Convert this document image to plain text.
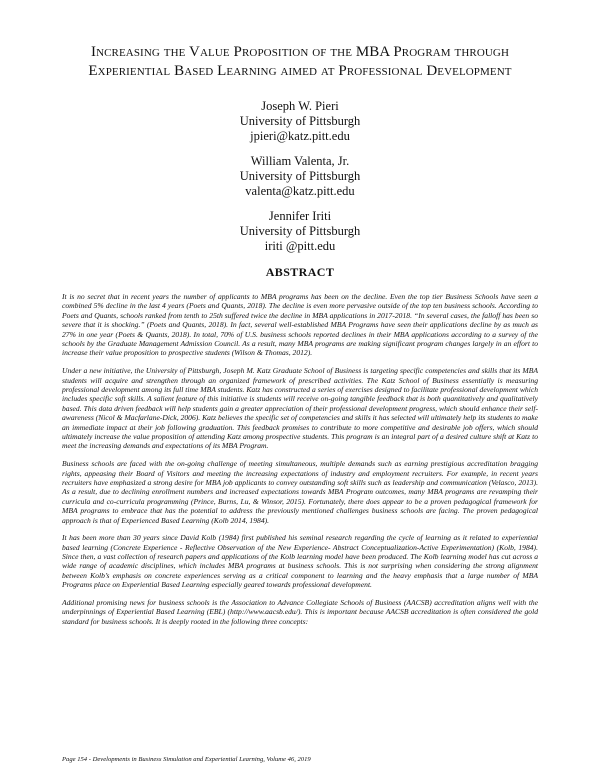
Increasing the Value Proposition of the MBA Program through
Experiential Based Learning aimed at Professional Development
Joseph W. Pieri
University of Pittsburgh
jpieri@katz.pitt.edu
William Valenta, Jr.
University of Pittsburgh
valenta@katz.pitt.edu
Jennifer Iriti
University of Pittsburgh
iriti @pitt.edu
ABSTRACT

It is no secret that in recent years the number of applicants to MBA programs has been on the decline. Even the top tier Business Schools have seen a combined 5% decline in the last 4 years (Poets and Quants, 2018). The decline is even more pervasive outside of the top ten business schools. According to Poets and Quants, schools ranked from tenth to 25th suffered twice the decline in MBA applications in 2017-2018. “In several cases, the falloff has been so severe that it is shocking.” (Poets and Quants, 2018). In fact, several well-established MBA Programs have seen their applications decline by as much as 27% in one year (Poets & Quants, 2018). In total, 70% of U.S. business schools reported declines in their MBA applications according to a survey of the schools by the Graduate Management Admission Council. As a result, many MBA programs are making significant program changes largely in an effort to increase their value proposition to prospective students (Wilson & Thomas, 2012).

Under a new initiative, the University of Pittsburgh, Joseph M. Katz Graduate School of Business is targeting specific competencies and skills that its MBA students will acquire and strengthen through an organized framework of prescribed activities. The Katz School of Business essentially is measuring professional development among its full time MBA students. Katz has constructed a series of exercises designed to facilitate professional development which includes specific soft skills. A salient feature of this initiative is students will receive on-going tangible feedback that is both quantitatively and qualitatively based. This data driven feedback will help students gain a greater appreciation of their professional development progress, which should enhance their self-awareness (Nicol & Macfarlane-Dick, 2006). Katz believes the specific set of competencies and skills it has selected will ultimately help its students to make an immediate impact at their job following graduation. This feedback promises to contribute to more competitive and desirable job offers, which should ultimately increase the value proposition of attending Katz among prospective students. This program is an integral part of a desired culture shift at Katz to meet the increasing demands and expectations of its MBA Program.

Business schools are faced with the on-going challenge of meeting simultaneous, multiple demands such as earning prestigious accreditation bragging rights, appeasing their Board of Visitors and meeting the increasing expectations of industry and employment recruiters. For example, in recent years recruiters have emphasized a strong desire for MBA job applicants to convey outstanding soft skills such as leadership and communication (Velasco, 2013). As a result, due to declining enrollment numbers and increased expectations towards MBA Program outcomes, many MBA programs are revamping their curricula and co-curricula programming (Prince, Burns, Lu, & Winsor, 2015). Fortunately, there does appear to be a proven pedagogical framework for MBA programs to embrace that has the potential to address the previously mentioned challenges business schools are facing. The proven pedagogical approach is that of Experienced Based Learning (Kolb 2014, 1984).

It has been more than 30 years since David Kolb (1984) first published his seminal research regarding the cycle of learning as it related to experiential based learning (Concrete Experience - Reflective Observation of the New Experience- Abstract Conceptualization-Active Experimentation) (Kolb, 1984). Since then, a vast collection of research papers and applications of the Kolb learning model have been produced. The Kolb learning model has cut across a wide range of academic disciplines, which includes MBA programs at business schools. This is not surprising when considering the strong alignment between Kolb’s emphasis on concrete experiences serving as a critical component to learning and the heavy emphasis that a large number of MBA Programs place on Experiential Based Learning especially geared towards professional development.

Additional promising news for business schools is the Association to Advance Collegiate Schools of Business (AACSB) accreditation aligns well with the underpinnings of Experiential Based Learning (EBL) (http://www.aacsb.edu/). This is important because AACSB accreditation is often considered the gold standard for business schools. It is deeply rooted in the following three concepts:

Page 154 - Developments in Business Simulation and Experiential Learning, Volume 46, 2019
